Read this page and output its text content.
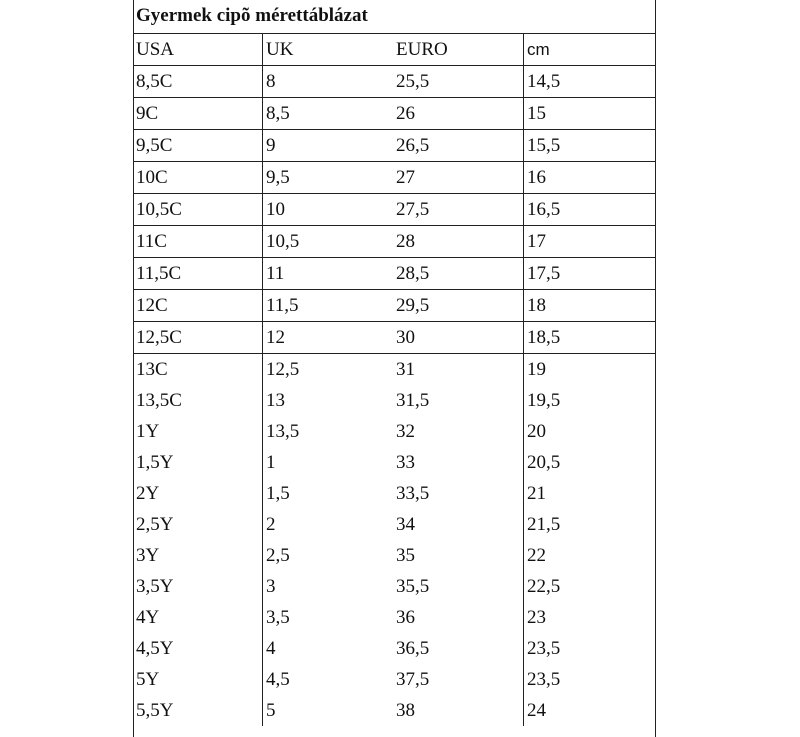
Gyermek cipõ mérettáblázat
USA	UK	EURO	cm
8,5C	8	25,5	14,5
9C	8,5	26	15
9,5C	9	26,5	15,5
10C	9,5	27	16
10,5C	10	27,5	16,5
11C	10,5	28	17
11,5C	11	28,5	17,5
12C	11,5	29,5	18
12,5C	12	30	18,5
13C	12,5	31	19
13,5C	13	31,5	19,5
1Y	13,5	32	20
1,5Y	1	33	20,5
2Y	1,5	33,5	21
2,5Y	2	34	21,5
3Y	2,5	35	22
3,5Y	3	35,5	22,5
4Y	3,5	36	23
4,5Y	4	36,5	23,5
5Y	4,5	37,5	23,5
5,5Y	5	38	24
